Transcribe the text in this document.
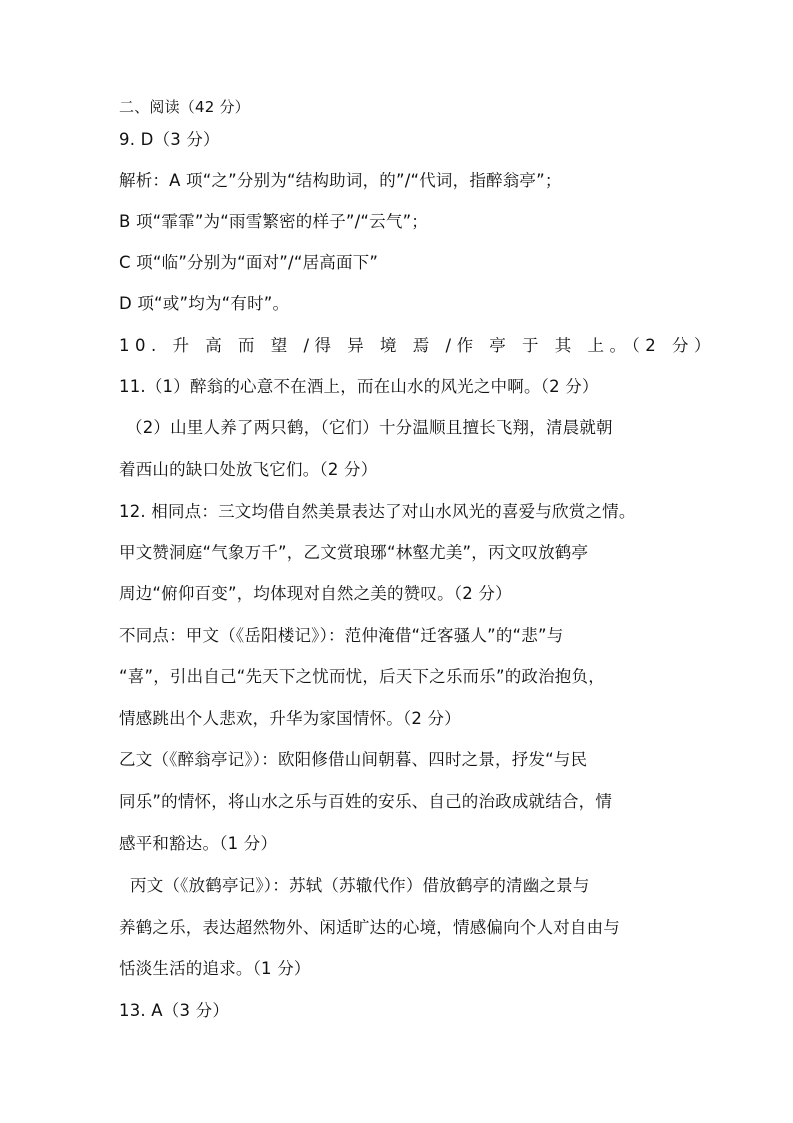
二、阅读（42 分）
9. D（3 分）
解析：A 项“之”分别为“结构助词，的”/“代词，指醉翁亭”；
B 项“霏霏”为“雨雪繁密的样子”/“云气”；
C 项“临”分别为“面对”/“居高面下”
D 项“或”均为“有时”。
10. 升 高 而 望 /得 异 境 焉 /作 亭 于 其 上。（2 分）
11.（1）醉翁的心意不在酒上，而在山水的风光之中啊。（2 分）
（2）山里人养了两只鹤，（它们）十分温顺且擅长飞翔，清晨就朝
着西山的缺口处放飞它们。（2 分）
12. 相同点：三文均借自然美景表达了对山水风光的喜爱与欣赏之情。
甲文赞洞庭“气象万千”，乙文赏琅琊“林壑尤美”，丙文叹放鹤亭
周边“俯仰百变”，均体现对自然之美的赞叹。（2 分）
不同点：甲文（《岳阳楼记》）：范仲淹借“迁客骚人”的“悲”与
“喜”，引出自己“先天下之忧而忧，后天下之乐而乐”的政治抱负，
情感跳出个人悲欢，升华为家国情怀。（2 分）
乙文（《醉翁亭记》）：欧阳修借山间朝暮、四时之景，抒发“与民
同乐”的情怀，将山水之乐与百姓的安乐、自己的治政成就结合，情
感平和豁达。（1 分）
丙文（《放鹤亭记》）：苏轼（苏辙代作）借放鹤亭的清幽之景与
养鹤之乐，表达超然物外、闲适旷达的心境，情感偏向个人对自由与
恬淡生活的追求。（1 分）
13. A（3 分）
